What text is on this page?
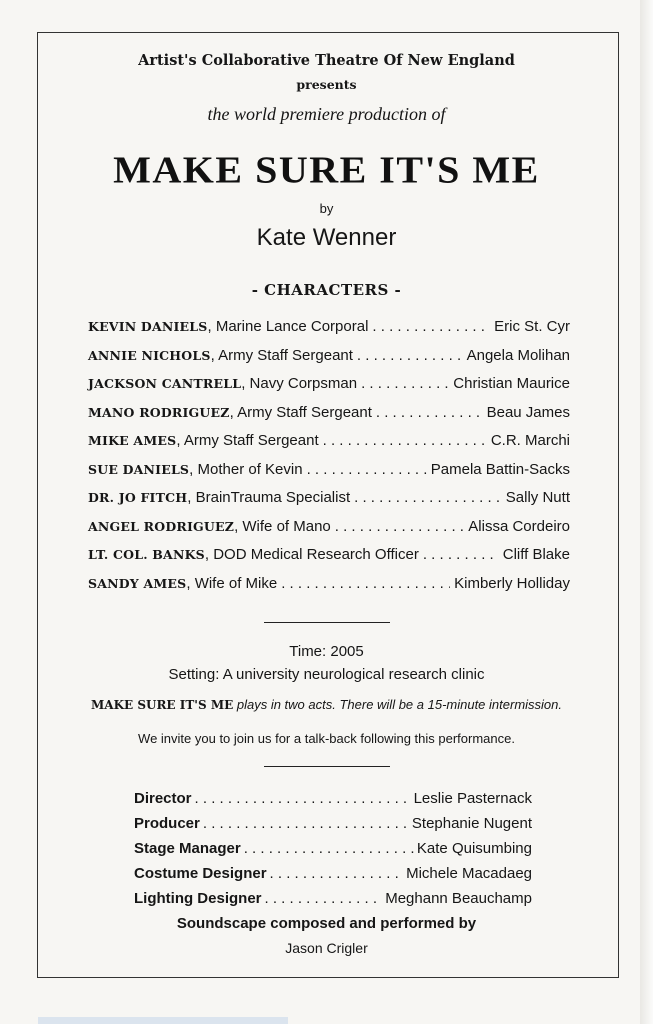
Artist's Collaborative Theatre Of New England
presents
the world premiere production of
MAKE SURE IT'S ME
by
Kate Wenner
- CHARACTERS -
KEVIN DANIELS , Marine Lance Corporal . . .	Eric St. Cyr
ANNIE NICHOLS , Army Staff Sergeant . . .	Angela Molihan
JACKSON CANTRELL , Navy Corpsman . . .	Christian Maurice
MANO RODRIGUEZ , Army Staff Sergeant . . .	Beau James
MIKE AMES , Army Staff Sergeant . . .	C.R. Marchi
SUE DANIELS , Mother of Kevin . . .	Pamela Battin-Sacks
DR. JO FITCH , BrainTrauma Specialist . . .	Sally Nutt
ANGEL RODRIGUEZ , Wife of Mano . . .	Alissa Cordeiro
LT. COL. BANKS , DOD Medical Research Officer . . .	Cliff Blake
SANDY AMES , Wife of Mike . . .	Kimberly Holliday
Time: 2005
Setting: A university neurological research clinic
MAKE SURE IT'S ME plays in two acts. There will be a 15-minute intermission.
We invite you to join us for a talk-back following this performance.
Director . . .	Leslie Pasternack
Producer . . .	Stephanie Nugent
Stage Manager . . .	Kate Quisumbing
Costume Designer . . .	Michele Macadaeg
Lighting Designer . . .	Meghann Beauchamp
Soundscape composed and performed by
Jason Crigler
